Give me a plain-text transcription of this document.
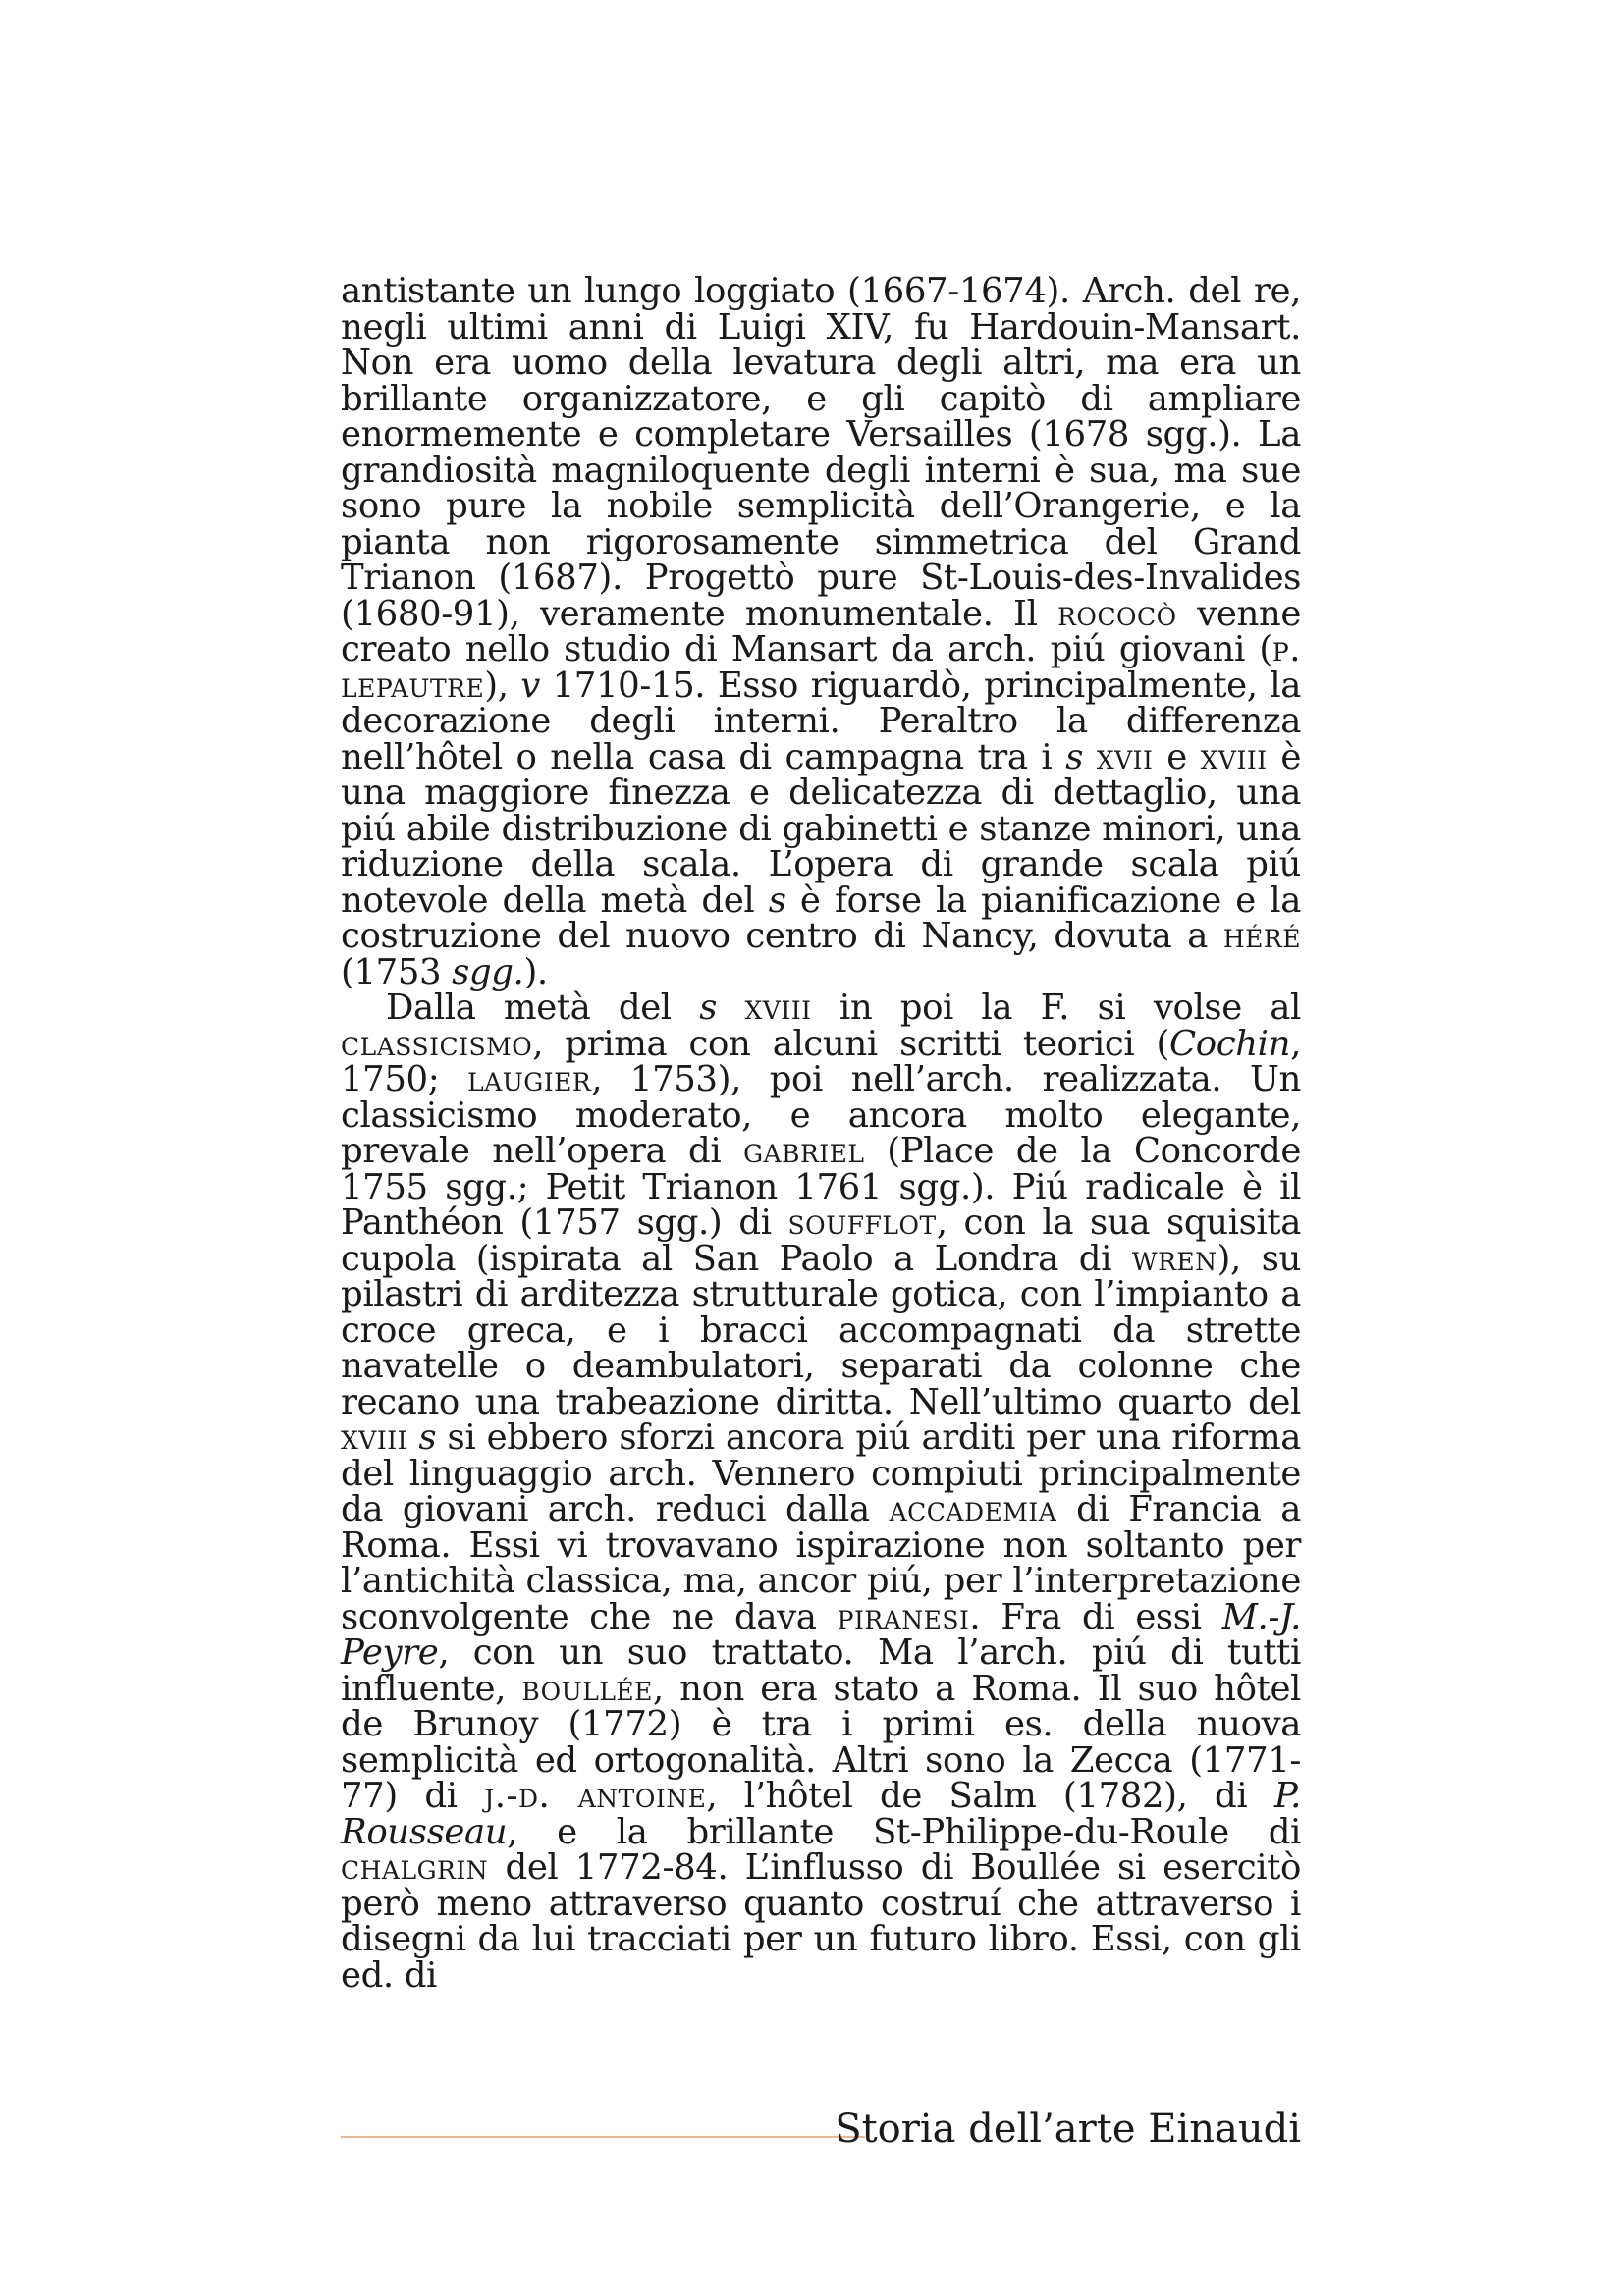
antistante un lungo loggiato (1667-1674). Arch. del re, negli ultimi anni di Luigi XIV, fu Hardouin-Mansart. Non era uomo della levatura degli altri, ma era un brillante organizzatore, e gli capitò di ampliare enormemente e completare Versailles (1678 sgg.). La grandiosità magniloquente degli interni è sua, ma sue sono pure la nobile semplicità dell’Orangerie, e la pianta non rigorosamente simmetrica del Grand Trianon (1687). Progettò pure St-Louis-des-Invalides (1680-91), veramente monumentale. Il rococò venne creato nello studio di Mansart da arch. piú giovani (p. lepautre), v 1710-15. Esso riguardò, principalmente, la decorazione degli interni. Peraltro la differenza nell’hôtel o nella casa di campagna tra i s xvii e xviii è una maggiore finezza e delicatezza di dettaglio, una piú abile distribuzione di gabinetti e stanze minori, una riduzione della scala. L’opera di grande scala piú notevole della metà del s è forse la pianificazione e la costruzione del nuovo centro di Nancy, dovuta a héré (1753 sgg.).

Dalla metà del s xviii in poi la F. si volse al classicismo, prima con alcuni scritti teorici (Cochin, 1750; laugier, 1753), poi nell’arch. realizzata. Un classicismo moderato, e ancora molto elegante, prevale nell’opera di gabriel (Place de la Concorde 1755 sgg.; Petit Trianon 1761 sgg.). Piú radicale è il Panthéon (1757 sgg.) di soufflot, con la sua squisita cupola (ispirata al San Paolo a Londra di wren), su pilastri di arditezza strutturale gotica, con l’impianto a croce greca, e i bracci accompagnati da strette navatelle o deambulatori, separati da colonne che recano una trabeazione diritta. Nell’ultimo quarto del xviii s si ebbero sforzi ancora piú arditi per una riforma del linguaggio arch. Vennero compiuti principalmente da giovani arch. reduci dalla accademia di Francia a Roma. Essi vi trovavano ispirazione non soltanto per l’antichità classica, ma, ancor piú, per l’interpretazione sconvolgente che ne dava piranesi. Fra di essi M.-J. Peyre, con un suo trattato. Ma l’arch. piú di tutti influente, boullée, non era stato a Roma. Il suo hôtel de Brunoy (1772) è tra i primi es. della nuova semplicità ed ortogonalità. Altri sono la Zecca (1771-77) di j.-d. antoine, l’hôtel de Salm (1782), di P. Rousseau, e la brillante St-Philippe-du-Roule di chalgrin del 1772-84. L’influsso di Boullée si esercitò però meno attraverso quanto costruí che attraverso i disegni da lui tracciati per un futuro libro. Essi, con gli ed. di

Storia dell’arte Einaudi
